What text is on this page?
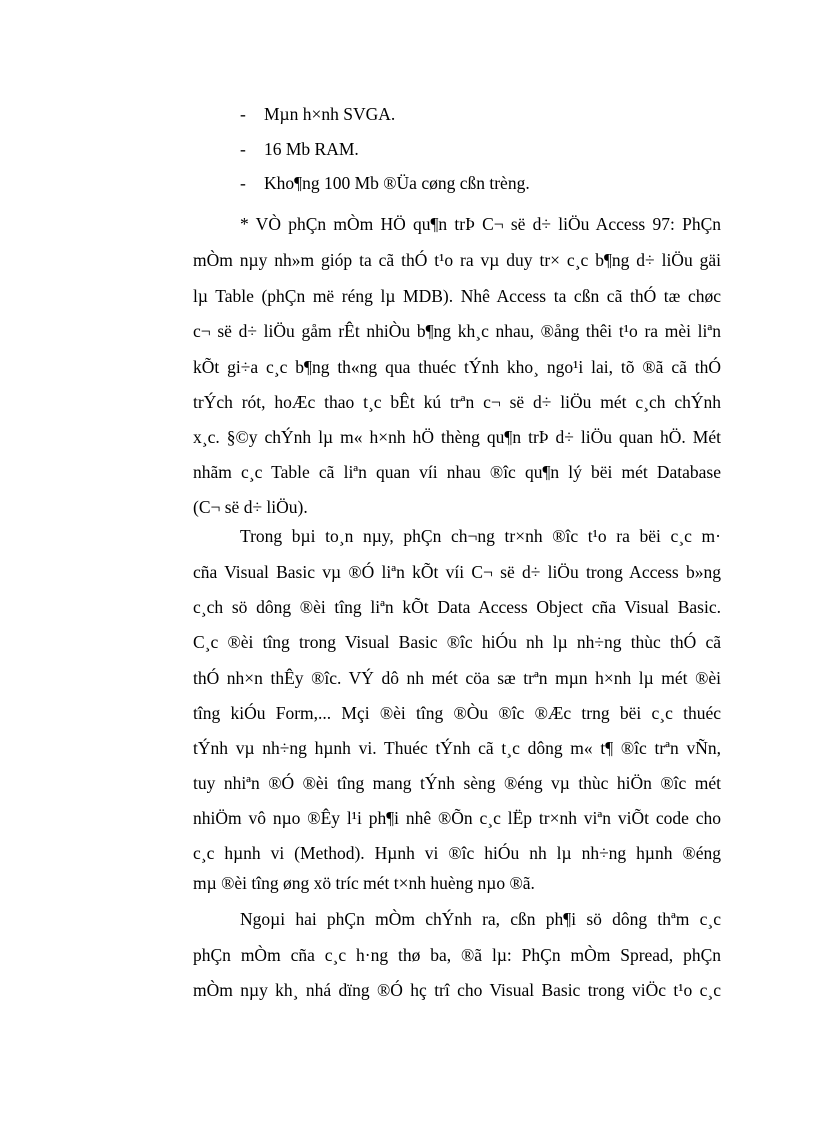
- Mµn h×nh SVGA.
- 16 Mb RAM.
- Kho¶ng 100 Mb ®Üa cøng cßn trèng.
* VÒ phÇn mÒm HÖ qu¶n trÞ C¬ së d÷ liÖu Access 97: PhÇn
mÒm nµy nh»m gióp ta cã thÓ t¹o ra vµ duy tr× c¸c b¶ng d÷ liÖu gäi
lµ Table (phÇn më réng lµ MDB). Nhê Access ta cßn cã thÓ tæ chøc
c¬ së d÷ liÖu gåm rÊt nhiÒu b¶ng kh¸c nhau, ®ång thêi t¹o ra mèi liªn
kÕt gi÷a c¸c b¶ng th«ng qua thuéc tÝnh kho¸ ngo¹i lai, tõ ®ã cã thÓ
trÝch rót, hoÆc thao t¸c bÊt kú trªn c¬ së d÷ liÖu mét c¸ch chÝnh
x¸c. §©y chÝnh lµ m« h×nh hÖ thèng qu¶n trÞ d÷ liÖu quan hÖ. Mét
nhãm c¸c Table cã liªn quan víi nhau ®îc qu¶n lý bëi mét Database
(C¬ së d÷ liÖu).
Trong bµi to¸n nµy, phÇn ch¬ng tr×nh ®îc t¹o ra bëi c¸c m·
cña Visual Basic vµ ®Ó liªn kÕt víi C¬ së d÷ liÖu trong Access b»ng
c¸ch sö dông ®èi tîng liªn kÕt Data Access Object cña Visual Basic.
C¸c ®èi tîng trong Visual Basic ®îc hiÓu nh lµ nh÷ng thùc thÓ cã
thÓ nh×n thÊy ®îc. VÝ dô nh mét cöa sæ trªn mµn h×nh lµ mét ®èi
tîng kiÓu Form,... Mçi ®èi tîng ®Òu ®îc ®Æc trng bëi c¸c thuéc
tÝnh vµ nh÷ng hµnh vi. Thuéc tÝnh cã t¸c dông m« t¶ ®îc trªn vÑn,
tuy nhiªn ®Ó ®èi tîng mang tÝnh sèng ®éng vµ thùc hiÖn ®îc mét
nhiÖm vô nµo ®Êy l¹i ph¶i nhê ®Õn c¸c lËp tr×nh viªn viÕt code cho
c¸c hµnh vi (Method). Hµnh vi ®îc hiÓu nh lµ nh÷ng hµnh ®éng
mµ ®èi tîng øng xö tríc mét t×nh huèng nµo ®ã.
Ngoµi hai phÇn mÒm chÝnh ra, cßn ph¶i sö dông thªm c¸c
phÇn mÒm cña c¸c h·ng thø ba, ®ã lµ: PhÇn mÒm Spread, phÇn
mÒm nµy kh¸ nhá dïng ®Ó hç trî cho Visual Basic trong viÖc t¹o c¸c
